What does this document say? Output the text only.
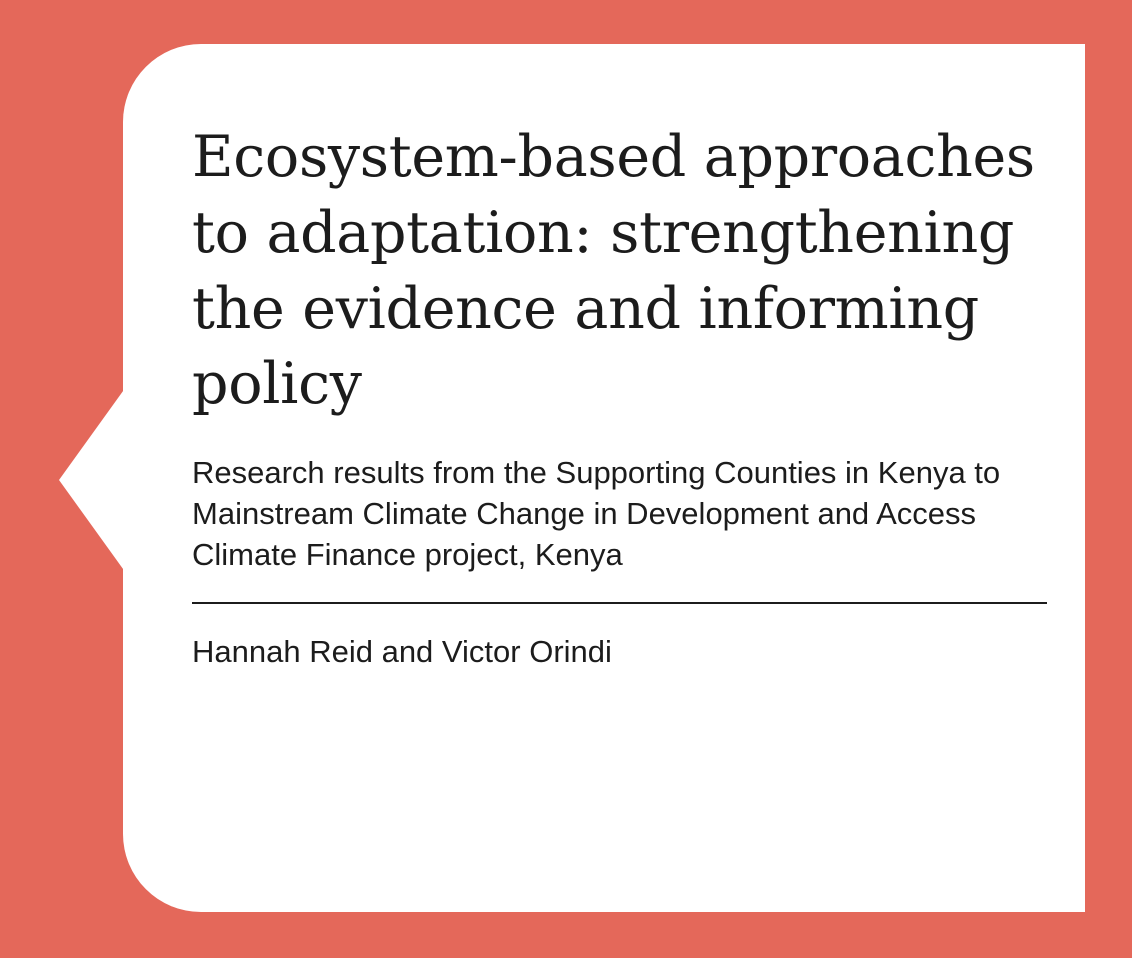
Ecosystem-based approaches to adaptation: strengthening the evidence and informing policy

Research results from the Supporting Counties in Kenya to Mainstream Climate Change in Development and Access Climate Finance project, Kenya

Hannah Reid and Victor Orindi
